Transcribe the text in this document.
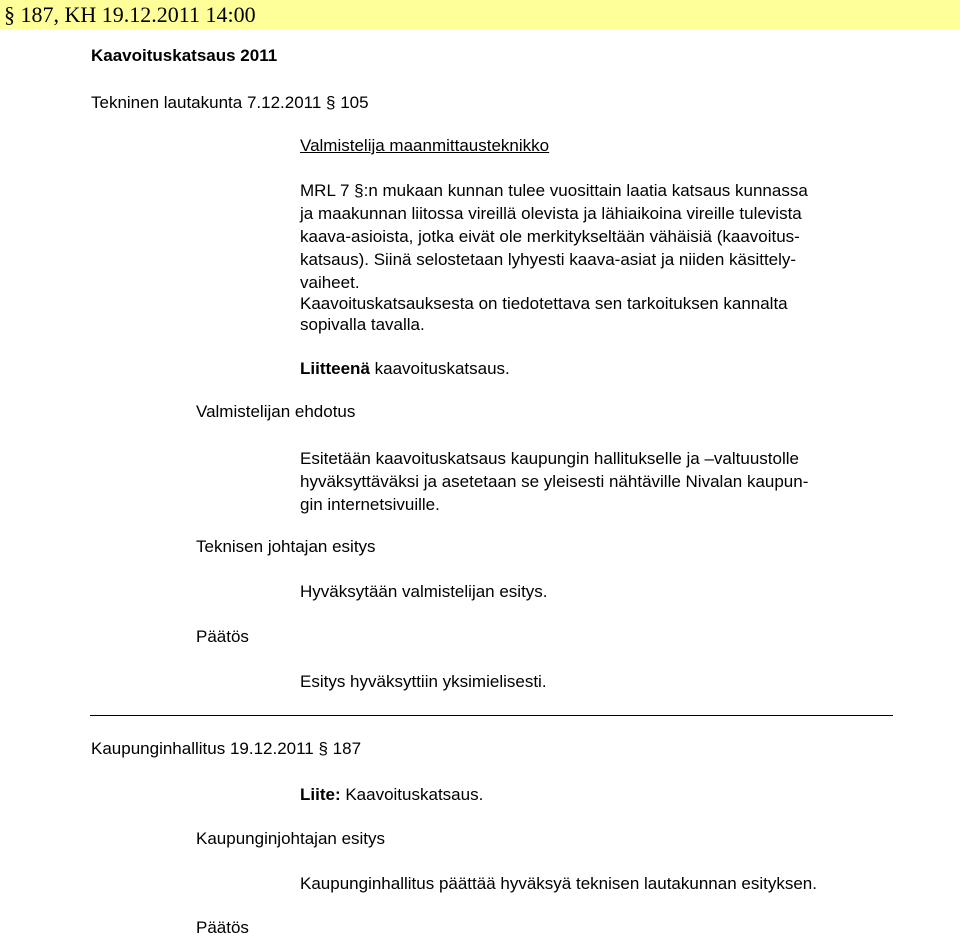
§ 187, KH 19.12.2011 14:00
Kaavoituskatsaus 2011
Tekninen lautakunta 7.12.2011 § 105
Valmistelija maanmittausteknikko
MRL 7 §:n mukaan kunnan tulee vuosittain laatia katsaus kunnassa
ja maakunnan liitossa vireillä olevista ja lähiaikoina vireille tulevista
kaava-asioista, jotka eivät ole merkitykseltään vähäisiä (kaavoitus-
katsaus). Siinä selostetaan lyhyesti kaava-asiat ja niiden käsittely-
vaiheet.
Kaavoituskatsauksesta on tiedotettava sen tarkoituksen kannalta
sopivalla tavalla.
Liitteenä kaavoituskatsaus.
Valmistelijan ehdotus
Esitetään kaavoituskatsaus kaupungin hallitukselle ja –valtuustolle
hyväksyttäväksi ja asetetaan se yleisesti nähtäville Nivalan kaupun-
gin internetsivuille.
Teknisen johtajan esitys
Hyväksytään valmistelijan esitys.
Päätös
Esitys hyväksyttiin yksimielisesti.
Kaupunginhallitus 19.12.2011 § 187
Liite: Kaavoituskatsaus.
Kaupunginjohtajan esitys
Kaupunginhallitus päättää hyväksyä teknisen lautakunnan esityksen.
Päätös
